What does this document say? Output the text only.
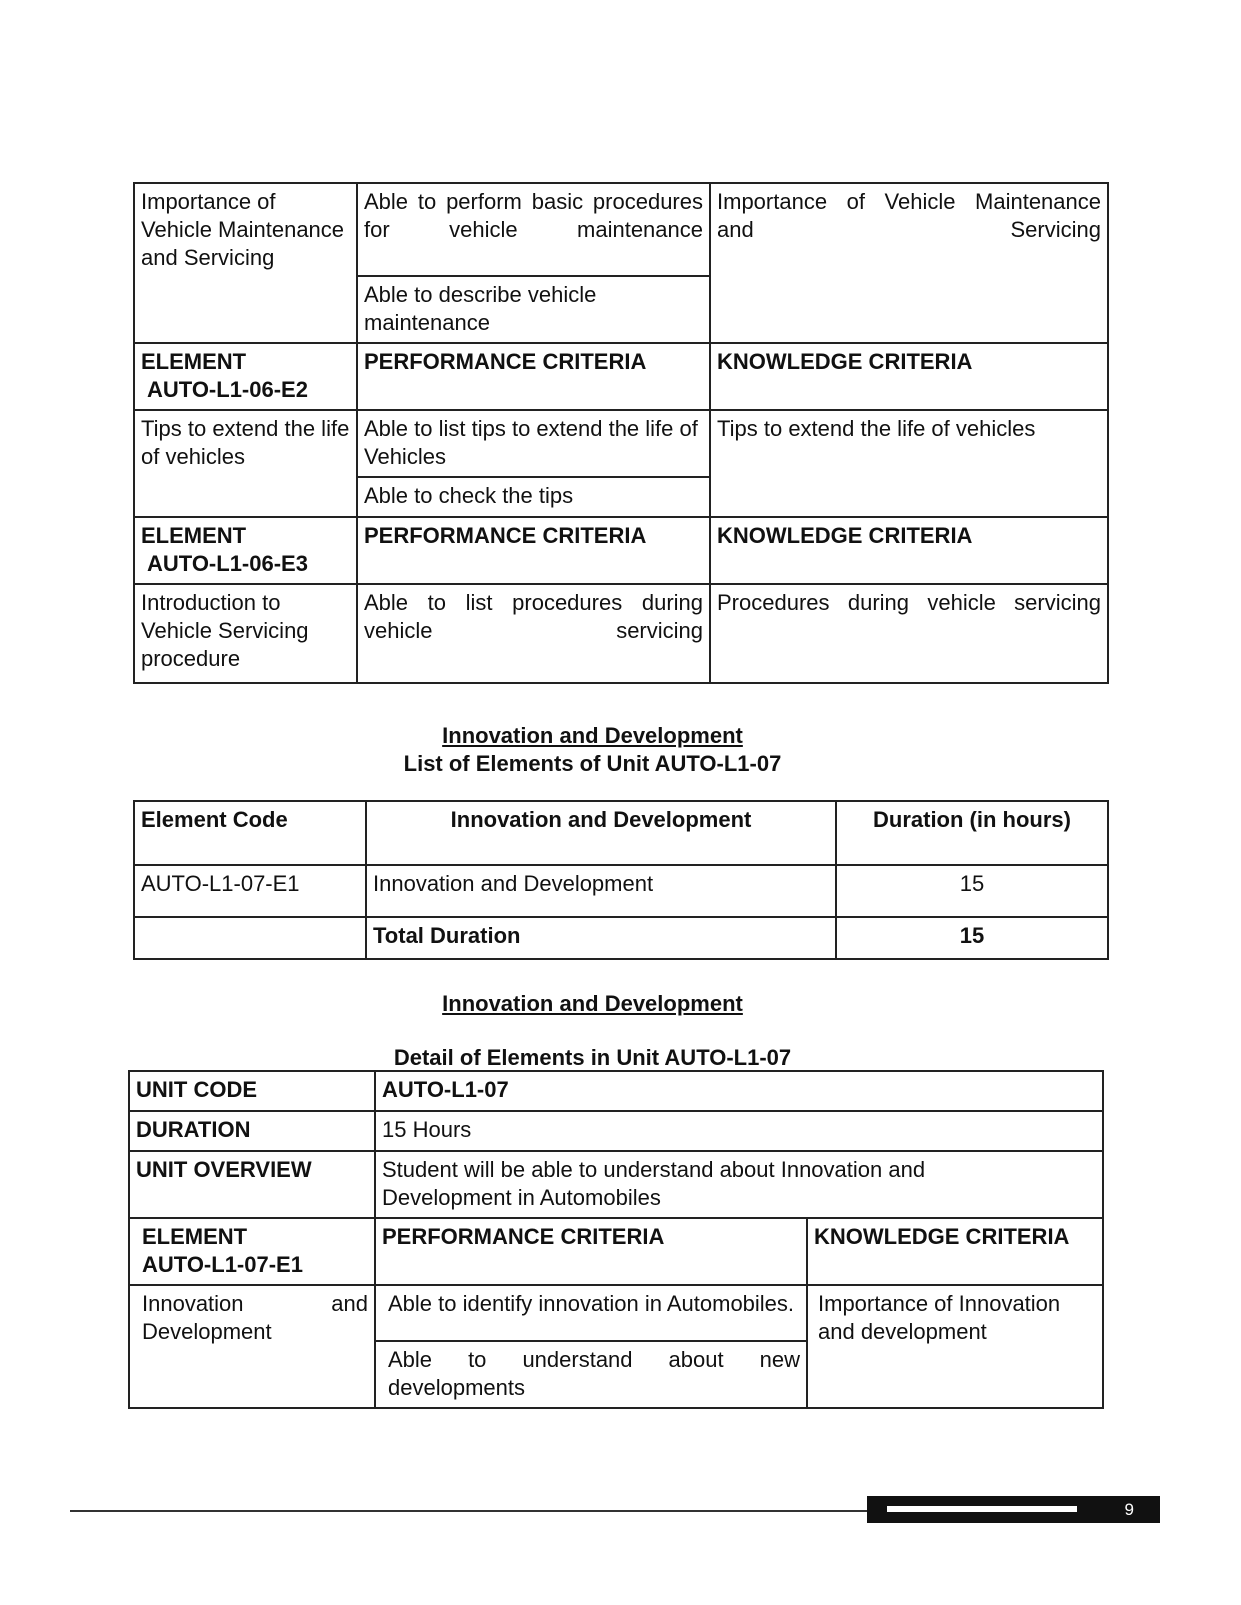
Importance of Vehicle Maintenance and Servicing	Able to perform basic procedures for vehicle maintenance	Importance of Vehicle Maintenance and Servicing
	Able to describe vehicle maintenance	

ELEMENT
AUTO-L1-06-E2	PERFORMANCE CRITERIA	KNOWLEDGE CRITERIA
Tips to extend the life of vehicles	Able to list tips to extend the life of Vehicles	Tips to extend the life of vehicles
	Able to check the tips	

ELEMENT
AUTO-L1-06-E3	PERFORMANCE CRITERIA	KNOWLEDGE CRITERIA
Introduction to Vehicle Servicing procedure	Able to list procedures during vehicle servicing	Procedures during vehicle servicing
Innovation and Development
List of Elements of Unit AUTO-L1-07
Element Code	Innovation and Development	Duration (in hours)
AUTO-L1-07-E1	Innovation and Development	15
	Total Duration	15
Innovation and Development
Detail of Elements in Unit AUTO-L1-07
UNIT CODE	AUTO-L1-07	
DURATION	15 Hours	
UNIT OVERVIEW	Student will be able to understand about Innovation and Development in Automobiles	

ELEMENT
AUTO-L1-07-E1	PERFORMANCE CRITERIA	KNOWLEDGE CRITERIA
Innovation and Development	Able to identify innovation in Automobiles.	Importance of Innovation and development
	Able to understand about new developments	
9
